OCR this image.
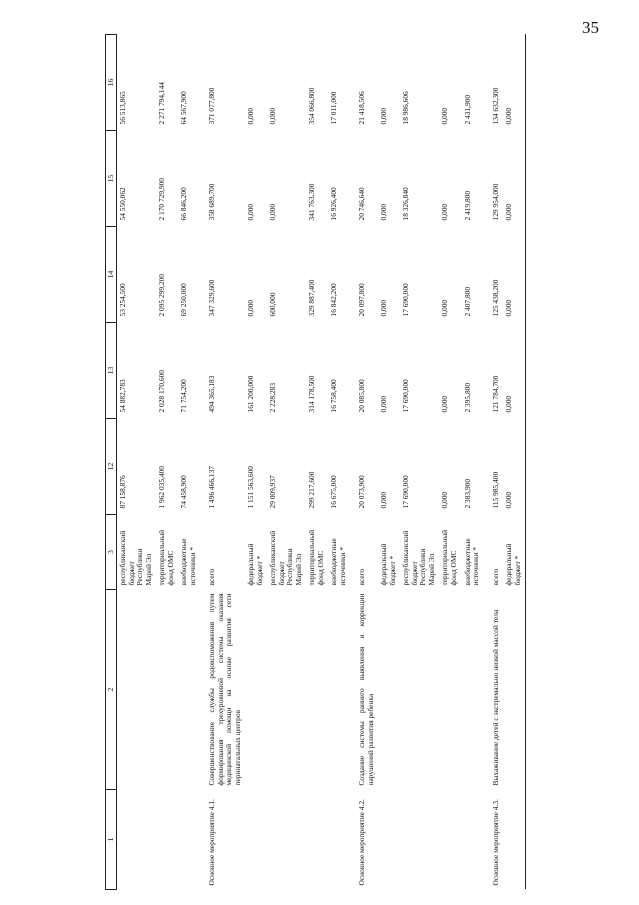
35
1	2	3	12	13	14	15	16
		республиканский бюджет Республики Марий Эл	87 158,876	54 882,783	53 254,500	54 550,062	56 513,865
		территориальный фонд ОМС	1 962 035,400	2 028 170,600	2 095 299,200	2 170 729,900	2 271 794,144
		внебюджетные источники *	74 458,900	71 754,200	69 250,000	66 846,200	64 567,900
Основное мероприятие 4.1.	Совершенствование службы родовспоможения путем формирования трехуровневой системы оказания медицинской помощи на основе развития сети перинатальных центров	всего	1 496 466,137	494 365,183	347 329,600	358 689,700	371 077,800
		федеральный бюджет *	1 151 563,600	161 200,000	0,000	0,000	0,000
		республиканский бюджет Республики Марий Эл	29 009,937	2 228,283	600,000	0,000	0,000
		территориальный фонд ОМС	299 217,600	314 178,500	329 887,400	341 763,300	354 066,800
		внебюджетные источники *	16 675,000	16 758,400	16 842,200	16 926,400	17 011,000
Основное мероприятие 4.2.	Создание системы раннего выявления и коррекции нарушений развития ребенка	всего	20 073,900	20 085,800	20 097,800	20 746,640	21 418,506
		федеральный бюджет *	0,000	0,000	0,000	0,000	0,000
		республиканский бюджет Республики Марий Эл	17 690,000	17 690,000	17 690,000	18 326,840	18 986,606
		территориальный фонд ОМС	0,000	0,000	0,000	0,000	0,000
		внебюджетные источники *	2 383,900	2 395,800	2 407,800	2 419,800	2 431,900
Основное мероприятие 4.3.	Выхаживание детей с экстремально низкой массой тела	всего	115 985,400	121 784,700	125 438,200	129 954,000	134 632,300
		федеральный бюджет *	0,000	0,000	0,000	0,000	0,000
